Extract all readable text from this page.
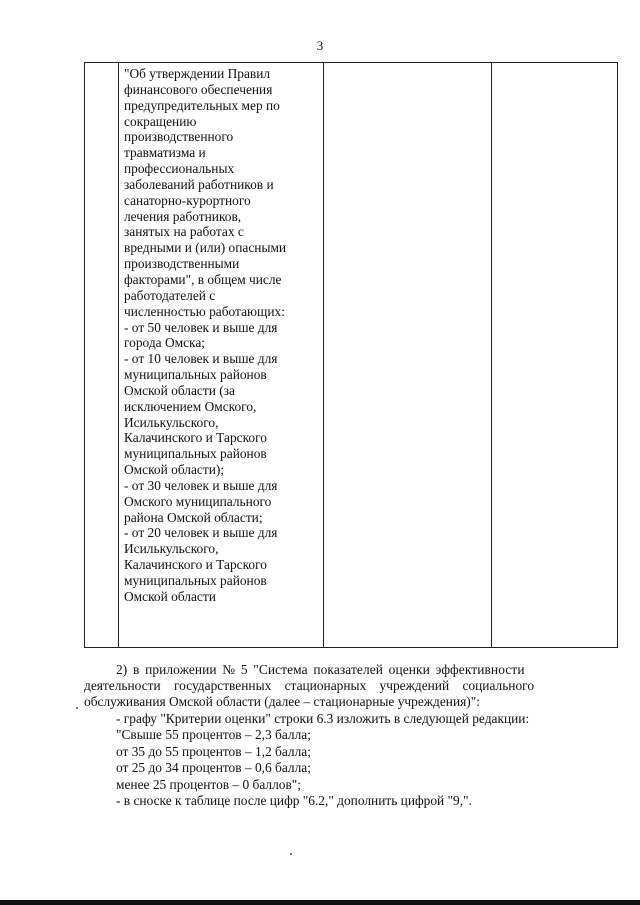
3
"Об утверждении Правил
финансового обеспечения
предупредительных мер по
сокращению
производственного
травматизма и
профессиональных
заболеваний работников и
санаторно-курортного
лечения работников,
занятых на работах с
вредными и (или) опасными
производственными
факторами", в общем числе
работодателей с
численностью работающих:
- от 50 человек и выше для
города Омска;
- от 10 человек и выше для
муниципальных районов
Омской области (за
исключением Омского,
Исилькульского,
Калачинского и Тарского
муниципальных районов
Омской области);
- от 30 человек и выше для
Омского муниципального
района Омской области;
- от 20 человек и выше для
Исилькульского,
Калачинского и Тарского
муниципальных районов
Омской области
2) в приложении № 5 "Система показателей оценки эффективности
деятельности государственных стационарных учреждений социального
обслуживания Омской области (далее – стационарные учреждения)":
- графу "Критерии оценки" строки 6.3 изложить в следующей редакции:
"Свыше 55 процентов – 2,3 балла;
от 35 до 55 процентов – 1,2 балла;
от 25 до 34 процентов – 0,6 балла;
менее 25 процентов – 0 баллов";
- в сноске к таблице после цифр "6.2," дополнить цифрой "9,".
